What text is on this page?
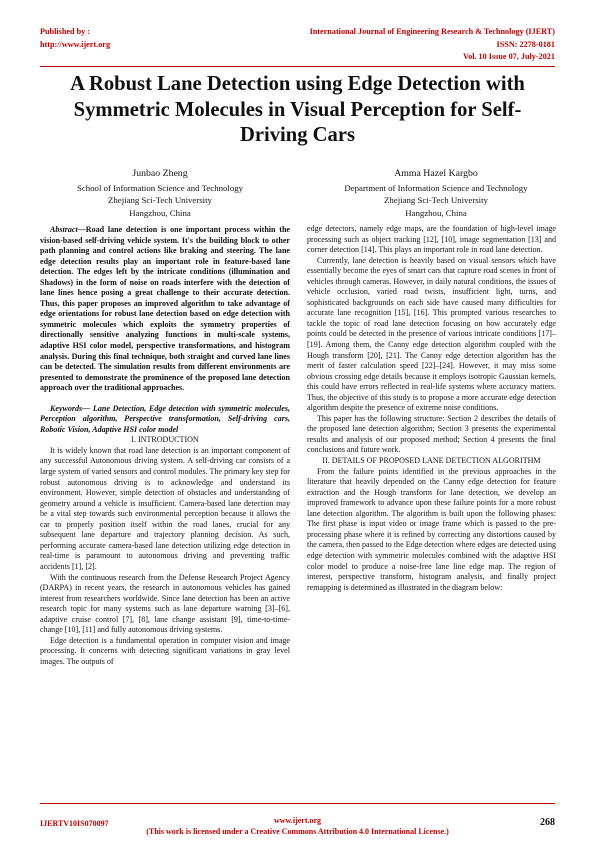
Published by :
http://www.ijert.org
International Journal of Engineering Research & Technology (IJERT)
ISSN: 2278-0181
Vol. 10 Issue 07, July-2021
A Robust Lane Detection using Edge Detection with Symmetric Molecules in Visual Perception for Self-Driving Cars
Junbao Zheng
School of Information Science and Technology
Zhejiang Sci-Tech University
Hangzhou, China
Amma Hazel Kargbo
Department of Information Science and Technology
Zhejiang Sci-Tech University
Hangzhou, China

Abstract—Road lane detection is one important process within the vision-based self-driving vehicle system. It's the building block to other path planning and control actions like braking and steering. The lane edge detection results play an important role in feature-based lane detection. The edges left by the intricate conditions (illumination and Shadows) in the form of noise on roads interfere with the detection of lane lines hence posing a great challenge to their accurate detection. Thus, this paper proposes an improved algorithm to take advantage of edge orientations for robust lane detection based on edge detection with symmetric molecules which exploits the symmetry properties of directionally sensitive analyzing functions in multi-scale systems, adaptive HSI color model, perspective transformations, and histogram analysis. During this final technique, both straight and curved lane lines can be detected. The simulation results from different environments are presented to demonstrate the prominence of the proposed lane detection approach over the traditional approaches.

Keywords— Lane Detection, Edge detection with symmetric molecules, Perception algorithm, Perspective transformation, Self-driving cars, Robotic Vision, Adaptive HSI color model

I. INTRODUCTION

It is widely known that road lane detection is an important component of any successful Autonomous driving system. A self-driving car consists of a large system of varied sensors and control modules. The primary key step for robust autonomous driving is to acknowledge and understand its environment. However, simple detection of obstacles and understanding of geometry around a vehicle is insufficient. Camera-based lane detection may be a vital step towards such environmental perception because it allows the car to properly position itself within the road lanes, crucial for any subsequent lane departure and trajectory planning decision. As such, performing accurate camera-based lane detection utilizing edge detection in real-time is paramount to autonomous driving and preventing traffic accidents [1], [2].

With the continuous research from the Defense Research Project Agency (DARPA) in recent years, the research in autonomous vehicles has gained interest from researchers worldwide. Since lane detection has been an active research topic for many systems such as lane departure warning [3]–[6], adaptive cruise control [7], [8], lane change assistant [9], time-to-time-change [10], [11] and fully autonomous driving systems.

Edge detection is a fundamental operation in computer vision and image processing. It concerns with detecting significant variations in gray level images. The outputs of

edge detectors, namely edge maps, are the foundation of high-level image processing such as object tracking [12], [10], image segmentation [13] and corner detection [14]. This plays an important role in road lane detection.

Currently, lane detection is heavily based on visual sensors which have essentially become the eyes of smart cars that capture road scenes in front of vehicles through cameras. However, in daily natural conditions, the issues of vehicle occlusion, varied road twists, insufficient light, turns, and sophisticated backgrounds on each side have caused many difficulties for accurate lane recognition [15], [16]. This prompted various researches to tackle the topic of road lane detection focusing on how accurately edge points could be detected in the presence of various intricate conditions [17]–[19]. Among them, the Canny edge detection algorithm coupled with the Hough transform [20], [21]. The Canny edge detection algorithm has the merit of faster calculation speed [22]–[24]. However, it may miss some obvious crossing edge details because it employs isotropic Gaussian kernels, this could have errors reflected in real-life systems where accuracy matters. Thus, the objective of this study is to propose a more accurate edge detection algorithm despite the presence of extreme noise conditions.

This paper has the following structure: Section 2 describes the details of the proposed lane detection algorithm; Section 3 presents the experimental results and analysis of our proposed method; Section 4 presents the final conclusions and future work.

II. DETAILS OF PROPOSED LANE DETECTION ALGORITHM

From the failure points identified in the previous approaches in the literature that heavily depended on the Canny edge detection for feature extraction and the Hough transform for lane detection, we develop an improved framework to advance upon these failure points for a more robust lane detection algorithm. The algorithm is built upon the following phases: The first phase is input video or image frame which is passed to the pre-processing phase where it is refined by correcting any distortions caused by the camera, then passed to the Edge detection where edges are detected using edge detection with symmetric molecules combined with the adaptive HSI color model to produce a noise-free lane line edge map. The region of interest, perspective transform, histogram analysis, and finally project remapping is determined as illustrated in the diagram below:

IJERTV10IS070097	www.ijert.org
(This work is licensed under a Creative Commons Attribution 4.0 International License.)
268
